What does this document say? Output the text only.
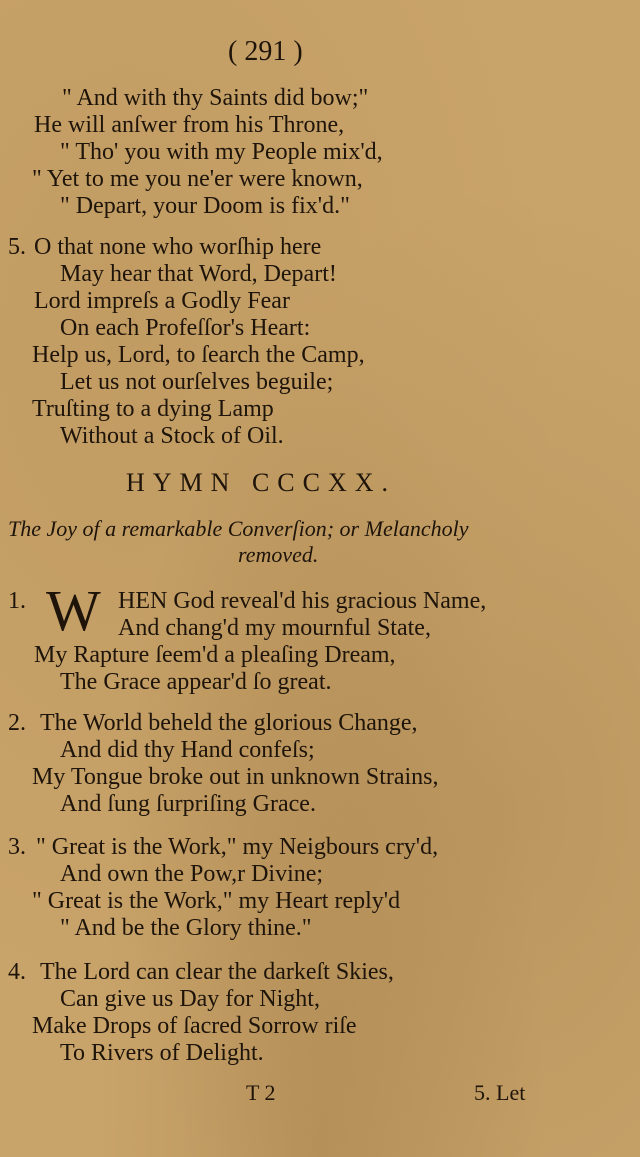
( 291 )
" And with thy Saints did bow;"
He will anſwer from his Throne,
" Tho' you with my People mix'd,
" Yet to me you ne'er were known,
" Depart, your Doom is fix'd."
5. O that none who worſhip here
May hear that Word, Depart!
Lord impreſs a Godly Fear
On each Profeſſor's Heart:
Help us, Lord, to ſearch the Camp,
Let us not ourſelves beguile;
Truſting to a dying Lamp
Without a Stock of Oil.
HYMN CCCXX.
The Joy of a remarkable Converſion; or Melancholy
removed.
1. W HEN God reveal'd his gracious Name,
And chang'd my mournful State,
My Rapture ſeem'd a pleaſing Dream,
The Grace appear'd ſo great.
2. The World beheld the glorious Change,
And did thy Hand confeſs;
My Tongue broke out in unknown Strains,
And ſung ſurpriſing Grace.
3. " Great is the Work," my Neigbours cry'd,
And own the Pow,r Divine;
" Great is the Work," my Heart reply'd
" And be the Glory thine."
4. The Lord can clear the darkeſt Skies,
Can give us Day for Night,
Make Drops of ſacred Sorrow riſe
To Rivers of Delight.
T 2	5. Let
